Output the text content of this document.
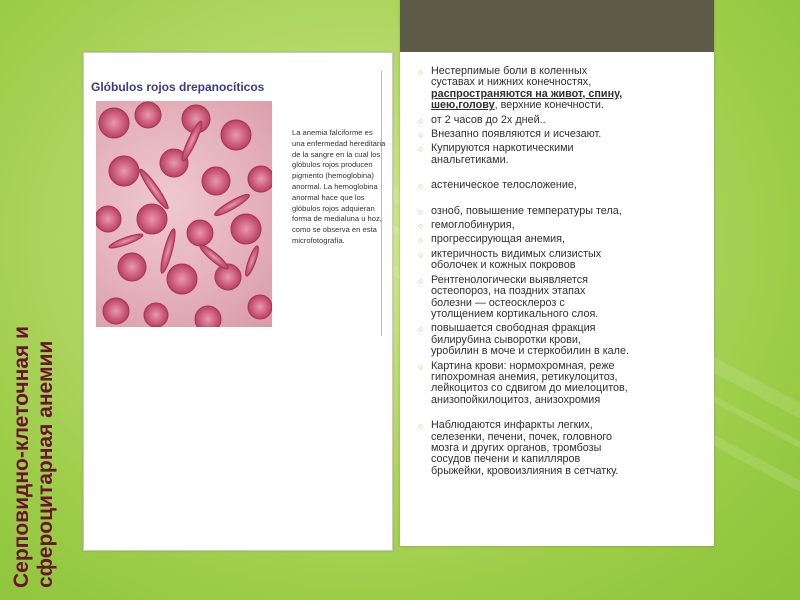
Серповидно-клеточная и сфероцитарная анемии
Glóbulos rojos drepanocíticos
La anemia falciforme es
una enfermedad hereditaria
de la sangre en la cual los
glóbulos rojos producen
pigmento (hemoglobina)
anormal. La hemoglobina
anormal hace que los
glóbulos rojos adquieran
forma de medialuna u hoz,
como se observa en esta
microfotografía.
○ Нестерпимые боли в коленных
суставах и нижних конечностях,
распространяются на живот, спину,
шею,голову, верхние конечности.
○ от 2 часов до 2х дней..
○ Внезапно появляются и исчезают.
○ Купируются наркотическими
анальгетиками.
○ астеническое телосложение,
○ озноб, повышение температуры тела,
○ гемоглобинурия,
○ прогрессирующая анемия,
○ иктеричность видимых слизистых
оболочек и кожных покровов
○ Рентгенологически выявляется
остеопороз, на поздних этапах
болезни — остеосклероз с
утолщением кортикального слоя.
○ повышается свободная фракция
билирубина сыворотки крови,
уробилин в моче и стеркобилин в кале.
○ Картина крови: нормохромная, реже
гипохромная анемия, ретикулоцитоз,
лейкоцитоз со сдвигом до миелоцитов,
анизопойкилоцитоз, анизохромия
○ Наблюдаются инфаркты легких,
селезенки, печени, почек, головного
мозга и других органов, тромбозы
сосудов печени и капилляров
брыжейки, кровоизлияния в сетчатку.
